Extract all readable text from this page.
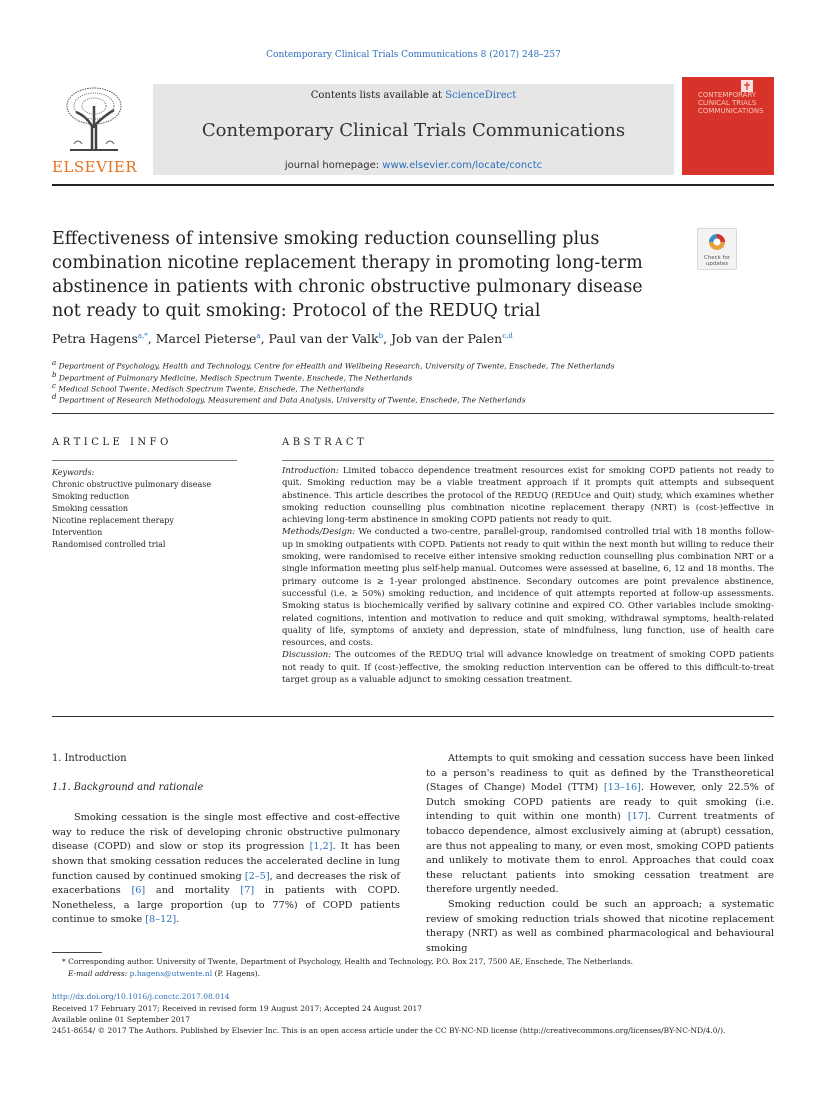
Contemporary Clinical Trials Communications 8 (2017) 248–257
ELSEVIER
Contents lists available at ScienceDirect
Contemporary Clinical Trials Communications
journal homepage: www.elsevier.com/locate/conctc
CONTEMPORARY CLINICAL TRIALS COMMUNICATIONS
Effectiveness of intensive smoking reduction counselling plus combination nicotine replacement therapy in promoting long-term abstinence in patients with chronic obstructive pulmonary disease not ready to quit smoking: Protocol of the REDUQ trial
Check for updates
Petra Hagens$^{a,*}$, Marcel Pieterse$^a$, Paul van der Valk$^b$, Job van der Palen$^{c,d}$
$^a$ Department of Psychology, Health and Technology, Centre for eHealth and Wellbeing Research, University of Twente, Enschede, The Netherlands
$^b$ Department of Pulmonary Medicine, Medisch Spectrum Twente, Enschede, The Netherlands
$^c$ Medical School Twente, Medisch Spectrum Twente, Enschede, The Netherlands
$^d$ Department of Research Methodology, Measurement and Data Analysis, University of Twente, Enschede, The Netherlands
ARTICLE INFO
Keywords:
Chronic obstructive pulmonary disease
Smoking reduction
Smoking cessation
Nicotine replacement therapy
Intervention
Randomised controlled trial
ABSTRACT

Introduction: Limited tobacco dependence treatment resources exist for smoking COPD patients not ready to quit. Smoking reduction may be a viable treatment approach if it prompts quit attempts and subsequent abstinence. This article describes the protocol of the REDUQ (REDUce and Quit) study, which examines whether smoking reduction counselling plus combination nicotine replacement therapy (NRT) is (cost-)effective in achieving long-term abstinence in smoking COPD patients not ready to quit.

Methods/Design: We conducted a two-centre, parallel-group, randomised controlled trial with 18 months follow-up in smoking outpatients with COPD. Patients not ready to quit within the next month but willing to reduce their smoking, were randomised to receive either intensive smoking reduction counselling plus combination NRT or a single information meeting plus self-help manual. Outcomes were assessed at baseline, 6, 12 and 18 months. The primary outcome is ≥ 1-year prolonged abstinence. Secondary outcomes are point prevalence abstinence, successful (i.e. ≥ 50%) smoking reduction, and incidence of quit attempts reported at follow-up assessments. Smoking status is biochemically verified by salivary cotinine and expired CO. Other variables include smoking-related cognitions, intention and motivation to reduce and quit smoking, withdrawal symptoms, health-related quality of life, symptoms of anxiety and depression, state of mindfulness, lung function, use of health care resources, and costs.

Discussion: The outcomes of the REDUQ trial will advance knowledge on treatment of smoking COPD patients not ready to quit. If (cost-)effective, the smoking reduction intervention can be offered to this difficult-to-treat target group as a valuable adjunct to smoking cessation treatment.

1. Introduction
1.1. Background and rationale

Smoking cessation is the single most effective and cost-effective way to reduce the risk of developing chronic obstructive pulmonary disease (COPD) and slow or stop its progression [1,2]. It has been shown that smoking cessation reduces the accelerated decline in lung function caused by continued smoking [2–5], and decreases the risk of exacerbations [6] and mortality [7] in patients with COPD. Nonetheless, a large proportion (up to 77%) of COPD patients continue to smoke [8–12].

Attempts to quit smoking and cessation success have been linked to a person's readiness to quit as defined by the Transtheoretical (Stages of Change) Model (TTM) [13–16]. However, only 22.5% of Dutch smoking COPD patients are ready to quit smoking (i.e. intending to quit within one month) [17]. Current treatments of tobacco dependence, almost exclusively aiming at (abrupt) cessation, are thus not appealing to many, or even most, smoking COPD patients and unlikely to motivate them to enrol. Approaches that could coax these reluctant patients into smoking cessation treatment are therefore urgently needed.

Smoking reduction could be such an approach; a systematic review of smoking reduction trials showed that nicotine replacement therapy (NRT) as well as combined pharmacological and behavioural smoking

* Corresponding author. University of Twente, Department of Psychology, Health and Technology, P.O. Box 217, 7500 AE, Enschede, The Netherlands.
E-mail address: p.hagens@utwente.nl (P. Hagens).
http://dx.doi.org/10.1016/j.conctc.2017.08.014
Received 17 February 2017; Received in revised form 19 August 2017; Accepted 24 August 2017
Available online 01 September 2017
2451-8654/ © 2017 The Authors. Published by Elsevier Inc. This is an open access article under the CC BY-NC-ND license (http://creativecommons.org/licenses/BY-NC-ND/4.0/).
